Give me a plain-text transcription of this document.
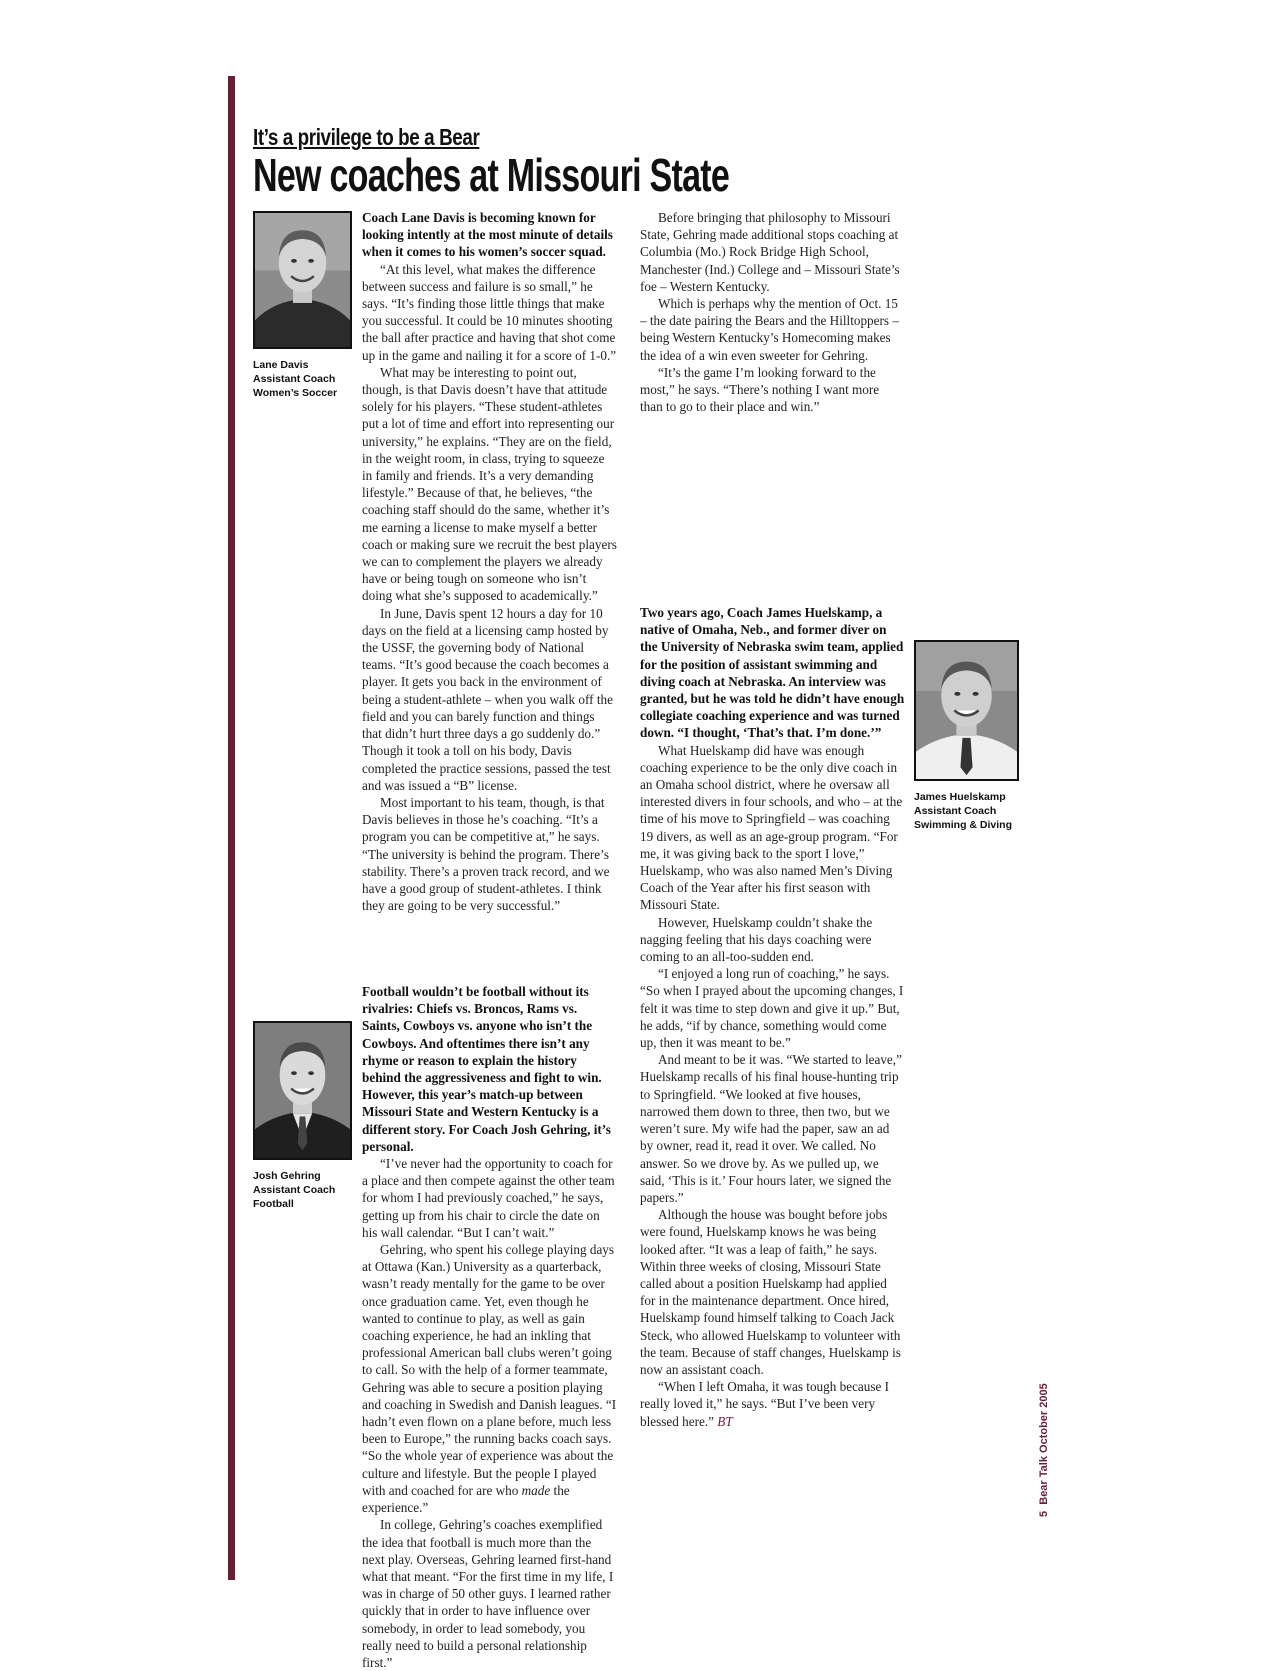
It’s a privilege to be a Bear
New coaches at Missouri State
Lane Davis
Assistant Coach
Women’s Soccer
Josh Gehring
Assistant Coach
Football
James Huelskamp
Assistant Coach
Swimming & Diving

Coach Lane Davis is becoming known for looking intently at the most minute of details when it comes to his women’s soccer squad.

“At this level, what makes the difference between success and failure is so small,” he says. “It’s finding those little things that make you successful. It could be 10 minutes shooting the ball after practice and having that shot come up in the game and nailing it for a score of 1-0.”

What may be interesting to point out, though, is that Davis doesn’t have that attitude solely for his players. “These student-athletes put a lot of time and effort into representing our university,” he explains. “They are on the field, in the weight room, in class, trying to squeeze in family and friends. It’s a very demanding lifestyle.” Because of that, he believes, “the coaching staff should do the same, whether it’s me earning a license to make myself a better coach or making sure we recruit the best players we can to complement the players we already have or being tough on someone who isn’t doing what she’s supposed to academically.”

In June, Davis spent 12 hours a day for 10 days on the field at a licensing camp hosted by the USSF, the governing body of National teams. “It’s good because the coach becomes a player. It gets you back in the environment of being a student-athlete – when you walk off the field and you can barely function and things that didn’t hurt three days a go suddenly do.” Though it took a toll on his body, Davis completed the practice sessions, passed the test and was issued a “B” license.

Most important to his team, though, is that Davis believes in those he’s coaching. “It’s a program you can be competitive at,” he says. “The university is behind the program. There’s stability. There’s a proven track record, and we have a good group of student-athletes. I think they are going to be very successful.”

Football wouldn’t be football without its rivalries: Chiefs vs. Broncos, Rams vs. Saints, Cowboys vs. anyone who isn’t the Cowboys. And oftentimes there isn’t any rhyme or reason to explain the history behind the aggressiveness and fight to win. However, this year’s match-up between Missouri State and Western Kentucky is a different story. For Coach Josh Gehring, it’s personal.

“I’ve never had the opportunity to coach for a place and then compete against the other team for whom I had previously coached,” he says, getting up from his chair to circle the date on his wall calendar. “But I can’t wait.”

Gehring, who spent his college playing days at Ottawa (Kan.) University as a quarterback, wasn’t ready mentally for the game to be over once graduation came. Yet, even though he wanted to continue to play, as well as gain coaching experience, he had an inkling that professional American ball clubs weren’t going to call. So with the help of a former teammate, Gehring was able to secure a position playing and coaching in Swedish and Danish leagues. “I hadn’t even flown on a plane before, much less been to Europe,” the running backs coach says. “So the whole year of experience was about the culture and lifestyle. But the people I played with and coached for are who made the experience.”

In college, Gehring’s coaches exemplified the idea that football is much more than the next play. Overseas, Gehring learned first-hand what that meant. “For the first time in my life, I was in charge of 50 other guys. I learned rather quickly that in order to have influence over somebody, in order to lead somebody, you really need to build a personal relationship first.”

Before bringing that philosophy to Missouri State, Gehring made additional stops coaching at Columbia (Mo.) Rock Bridge High School, Manchester (Ind.) College and – Missouri State’s foe – Western Kentucky.

Which is perhaps why the mention of Oct. 15 – the date pairing the Bears and the Hilltoppers – being Western Kentucky’s Homecoming makes the idea of a win even sweeter for Gehring.

“It’s the game I’m looking forward to the most,” he says. “There’s nothing I want more than to go to their place and win.”

Two years ago, Coach James Huelskamp, a native of Omaha, Neb., and former diver on the University of Nebraska swim team, applied for the position of assistant swimming and diving coach at Nebraska. An interview was granted, but he was told he didn’t have enough collegiate coaching experience and was turned down. “I thought, ‘That’s that. I’m done.’”

What Huelskamp did have was enough coaching experience to be the only dive coach in an Omaha school district, where he oversaw all interested divers in four schools, and who – at the time of his move to Springfield – was coaching 19 divers, as well as an age-group program. “For me, it was giving back to the sport I love,” Huelskamp, who was also named Men’s Diving Coach of the Year after his first season with Missouri State.

However, Huelskamp couldn’t shake the nagging feeling that his days coaching were coming to an all-too-sudden end.

“I enjoyed a long run of coaching,” he says. “So when I prayed about the upcoming changes, I felt it was time to step down and give it up.” But, he adds, “if by chance, something would come up, then it was meant to be.”

And meant to be it was. “We started to leave,” Huelskamp recalls of his final house-hunting trip to Springfield. “We looked at five houses, narrowed them down to three, then two, but we weren’t sure. My wife had the paper, saw an ad by owner, read it, read it over. We called. No answer. So we drove by. As we pulled up, we said, ‘This is it.’ Four hours later, we signed the papers.”

Although the house was bought before jobs were found, Huelskamp knows he was being looked after. “It was a leap of faith,” he says. Within three weeks of closing, Missouri State called about a position Huelskamp had applied for in the maintenance department. Once hired, Huelskamp found himself talking to Coach Jack Steck, who allowed Huelskamp to volunteer with the team. Because of staff changes, Huelskamp is now an assistant coach.

“When I left Omaha, it was tough because I really loved it,” he says. “But I’ve been very blessed here.” BT

5  Bear Talk October 2005
